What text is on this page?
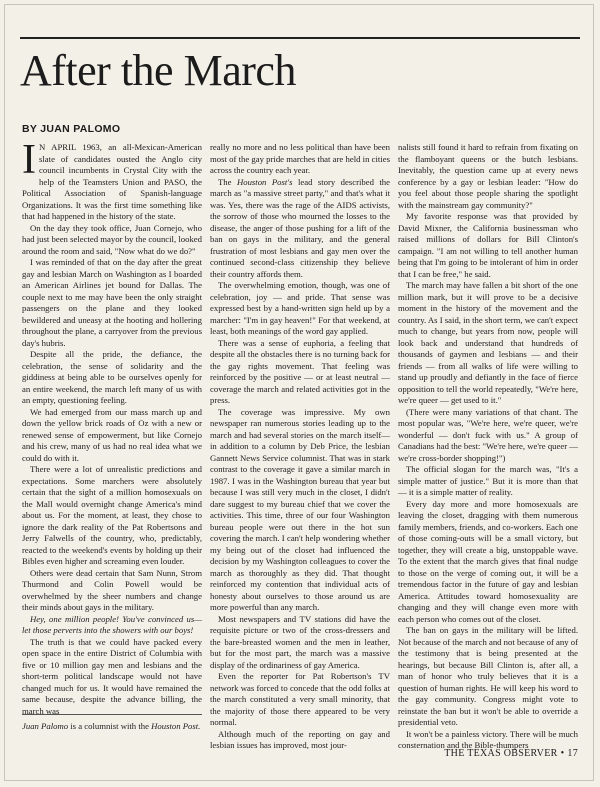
After the March
BY JUAN PALOMO

I N APRIL 1963, an all-Mexican-American slate of candidates ousted the Anglo city council incumbents in Crystal City with the help of the Teamsters Union and PASO, the Political Association of Spanish-language Organizations. It was the first time something like that had happened in the history of the state.

On the day they took office, Juan Cornejo, who had just been selected mayor by the council, looked around the room and said, "Now what do we do?"

I was reminded of that on the day after the great gay and lesbian March on Washington as I boarded an American Airlines jet bound for Dallas. The couple next to me may have been the only straight passengers on the plane and they looked bewildered and uneasy at the hooting and hollering throughout the plane, a carryover from the previous day's hubris.

Despite all the pride, the defiance, the celebration, the sense of solidarity and the giddiness at being able to be ourselves openly for an entire weekend, the march left many of us with an empty, questioning feeling.

We had emerged from our mass march up and down the yellow brick roads of Oz with a new or renewed sense of empowerment, but like Cornejo and his crew, many of us had no real idea what we could do with it.

There were a lot of unrealistic predictions and expectations. Some marchers were absolutely certain that the sight of a million homosexuals on the Mall would overnight change America's mind about us. For the moment, at least, they chose to ignore the dark reality of the Pat Robertsons and Jerry Falwells of the country, who, predictably, reacted to the weekend's events by holding up their Bibles even higher and screaming even louder.

Others were dead certain that Sam Nunn, Strom Thurmond and Colin Powell would be overwhelmed by the sheer numbers and change their minds about gays in the military.

Hey, one million people! You've convinced us— let those perverts into the showers with our boys!

The truth is that we could have packed every open space in the entire District of Columbia with five or 10 million gay men and lesbians and the short-term political landscape would not have changed much for us. It would have remained the same because, despite the advance billing, the march was

Juan Palomo is a columnist with the Houston Post.

really no more and no less political than have been most of the gay pride marches that are held in cities across the country each year.

The Houston Post's lead story described the march as "a massive street party," and that's what it was. Yes, there was the rage of the AIDS activists, the sorrow of those who mourned the losses to the disease, the anger of those pushing for a lift of the ban on gays in the military, and the general frustration of most lesbians and gay men over the continued second-class citizenship they believe their country affords them.

The overwhelming emotion, though, was one of celebration, joy — and pride. That sense was expressed best by a hand-written sign held up by a marcher: "I'm in gay heaven!" For that weekend, at least, both meanings of the word gay applied.

There was a sense of euphoria, a feeling that despite all the obstacles there is no turning back for the gay rights movement. That feeling was reinforced by the positive — or at least neutral — coverage the march and related activities got in the press.

The coverage was impressive. My own newspaper ran numerous stories leading up to the march and had several stories on the march itself— in addition to a column by Deb Price, the lesbian Gannett News Service columnist. That was in stark contrast to the coverage it gave a similar march in 1987. I was in the Washington bureau that year but because I was still very much in the closet, I didn't dare suggest to my bureau chief that we cover the activities. This time, three of our four Washington bureau people were out there in the hot sun covering the march. I can't help wondering whether my being out of the closet had influenced the decision by my Washington colleagues to cover the march as thoroughly as they did. That thought reinforced my contention that individual acts of honesty about ourselves to those around us are more powerful than any march.

Most newspapers and TV stations did have the requisite picture or two of the cross-dressers and the bare-breasted women and the men in leather, but for the most part, the march was a massive display of the ordinariness of gay America.

Even the reporter for Pat Robertson's TV network was forced to concede that the odd folks at the march constituted a very small minority, that the majority of those there appeared to be very normal.

Although much of the reporting on gay and lesbian issues has improved, most jour-

nalists still found it hard to refrain from fixating on the flamboyant queens or the butch lesbians. Inevitably, the question came up at every news conference by a gay or lesbian leader: "How do you feel about those people sharing the spotlight with the mainstream gay community?"

My favorite response was that provided by David Mixner, the California businessman who raised millions of dollars for Bill Clinton's campaign. "I am not willing to tell another human being that I'm going to be intolerant of him in order that I can be free," he said.

The march may have fallen a bit short of the one million mark, but it will prove to be a decisive moment in the history of the movement and the country. As I said, in the short term, we can't expect much to change, but years from now, people will look back and understand that hundreds of thousands of gaymen and lesbians — and their friends — from all walks of life were willing to stand up proudly and defiantly in the face of fierce opposition to tell the world repeatedly, "We're here, we're queer — get used to it."

(There were many variations of that chant. The most popular was, "We're here, we're queer, we're wonderful — don't fuck with us." A group of Canadians had the best: "We're here, we're queer — we're cross-border shopping!")

The official slogan for the march was, "It's a simple matter of justice." But it is more than that — it is a simple matter of reality.

Every day more and more homosexuals are leaving the closet, dragging with them numerous family members, friends, and co-workers. Each one of those coming-outs will be a small victory, but together, they will create a big, unstoppable wave. To the extent that the march gives that final nudge to those on the verge of coming out, it will be a tremendous factor in the future of gay and lesbian America. Attitudes toward homosexuality are changing and they will change even more with each person who comes out of the closet.

The ban on gays in the military will be lifted. Not because of the march and not because of any of the testimony that is being presented at the hearings, but because Bill Clinton is, after all, a man of honor who truly believes that it is a question of human rights. He will keep his word to the gay community. Congress might vote to reinstate the ban but it won't be able to override a presidential veto.

It won't be a painless victory. There will be much consternation and the Bible-thumpers

THE TEXAS OBSERVER • 17
